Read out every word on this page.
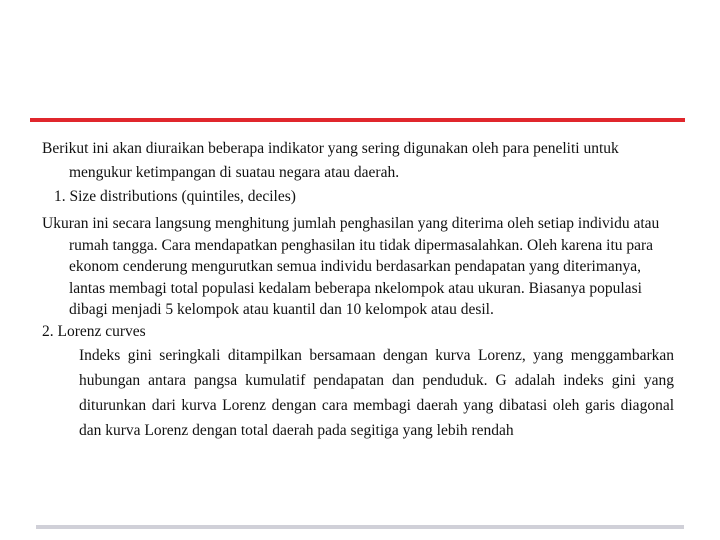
Berikut ini akan diuraikan beberapa indikator yang sering digunakan oleh para peneliti untuk mengukur ketimpangan di suatau negara atau daerah.

1. Size distributions (quintiles, deciles)

Ukuran ini secara langsung menghitung jumlah penghasilan yang diterima oleh setiap individu atau rumah tangga. Cara mendapatkan penghasilan itu tidak dipermasalahkan. Oleh karena itu para ekonom cenderung mengurutkan semua individu berdasarkan pendapatan yang diterimanya, lantas membagi total populasi kedalam beberapa nkelompok atau ukuran. Biasanya populasi dibagi menjadi 5 kelompok atau kuantil dan 10 kelompok atau desil.

2. Lorenz curves

Indeks gini seringkali ditampilkan bersamaan dengan kurva Lorenz, yang menggambarkan hubungan antara pangsa kumulatif pendapatan dan penduduk. G adalah indeks gini yang diturunkan dari kurva Lorenz dengan cara membagi daerah yang dibatasi oleh garis diagonal dan kurva Lorenz dengan total daerah pada segitiga yang lebih rendah
